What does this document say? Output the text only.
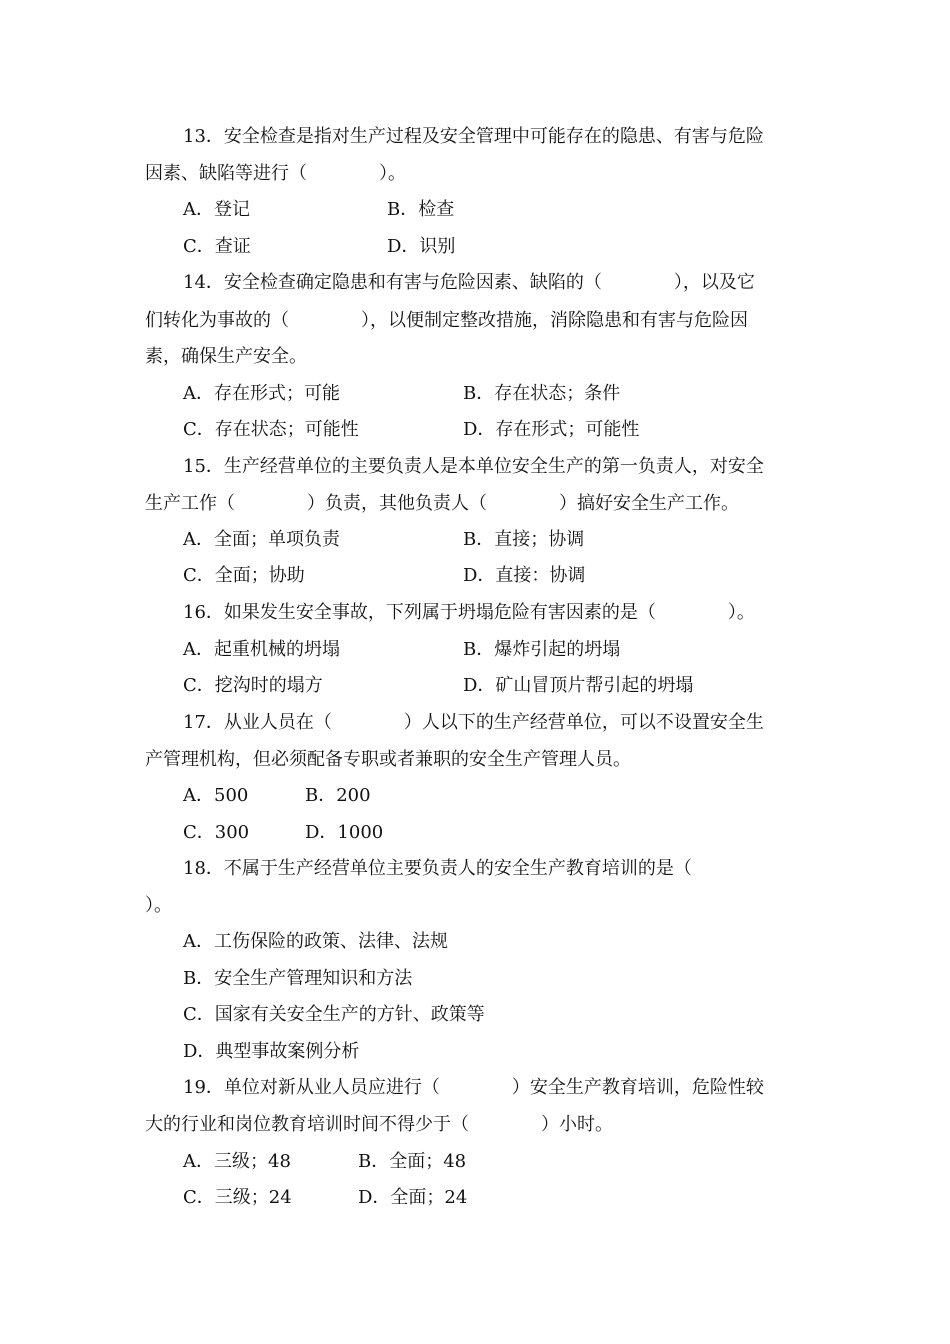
13．安全检查是指对生产过程及安全管理中可能存在的隐患、有害与危险
因素、缺陷等进行（　　　　）。
A．登记	B．检查
C．查证	D．识别
14．安全检查确定隐患和有害与危险因素、缺陷的（　　　　），以及它
们转化为事故的（　　　　），以便制定整改措施，消除隐患和有害与危险因
素，确保生产安全。
A．存在形式；可能	B．存在状态；条件
C．存在状态；可能性	D．存在形式；可能性
15．生产经营单位的主要负责人是本单位安全生产的第一负责人，对安全
生产工作（　　　　）负责，其他负责人（　　　　）搞好安全生产工作。
A．全面；单项负责	B．直接；协调
C．全面；协助	D．直接：协调
16．如果发生安全事故，下列属于坍塌危险有害因素的是（　　　　）。
A．起重机械的坍塌	B．爆炸引起的坍塌
C．挖沟时的塌方	D．矿山冒顶片帮引起的坍塌
17．从业人员在（　　　　）人以下的生产经营单位，可以不设置安全生
产管理机构，但必须配备专职或者兼职的安全生产管理人员。
A．500	B．200
C．300	D．1000
18．不属于生产经营单位主要负责人的安全生产教育培训的是（
）。
A．工伤保险的政策、法律、法规
B．安全生产管理知识和方法
C．国家有关安全生产的方针、政策等
D．典型事故案例分析
19．单位对新从业人员应进行（　　　　）安全生产教育培训，危险性较
大的行业和岗位教育培训时间不得少于（　　　　）小时。
A．三级；48	B．全面；48
C．三级；24	D．全面；24
